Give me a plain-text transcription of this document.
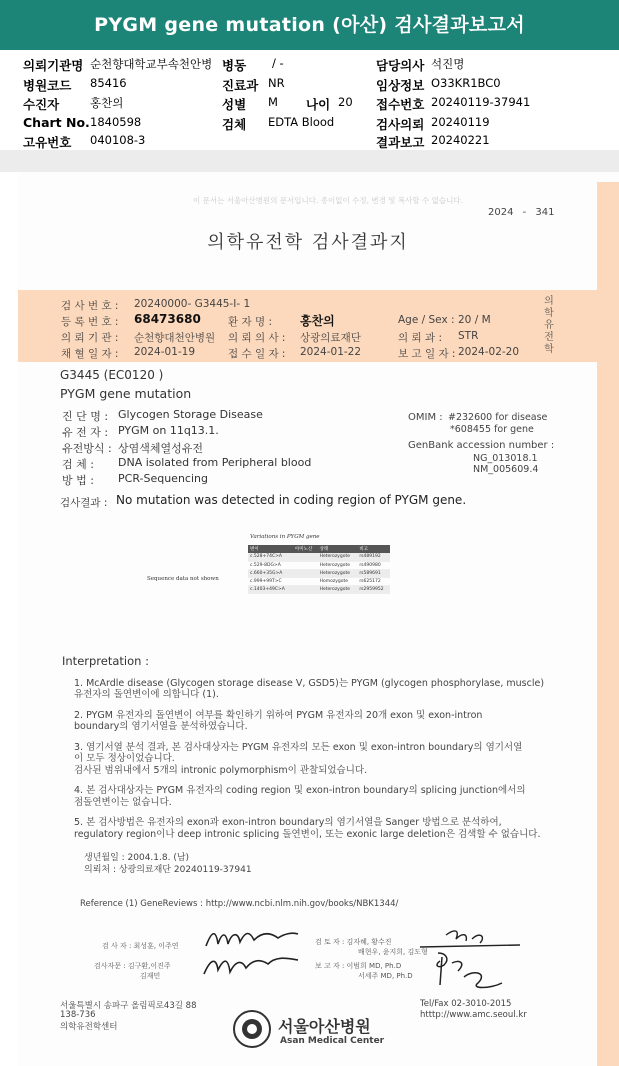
PYGM gene mutation (아산) 검사결과보고서
의뢰기관명 순천향대학교부속천안병 병동 / -	담당의사 석진명
병원코드 85416	진료과 NR	임상정보 O33KR1BC0
수진자	홍찬의	성별 M 나이 20 접수번호 20240119-37941
Chart No. 1840598	검체 EDTA Blood	검사의뢰 20240119
고유번호 040108-3	결과보고 20240221
이 문서는 서울아산병원의 문서입니다. 종이없이 수정, 변경 및 복사할 수 없습니다.
2024 - 341
의학유전학 검사결과지
검 사 번 호 : 20240000- G3445-I- 1
등 록 번 호 : 68473680	환 자 명 : 홍찬의	Age / Sex : 20 / M
의 뢰 기 관 : 순천향대천안병원 의 뢰 의 사 : 상광의료재단	의 뢰 과 : STR
채 혈 일 자 : 2024-01-19	접 수 일 자 : 2024-01-22	보 고 일 자 : 2024-02-20
의학유전학
G3445 (EC0120 )
PYGM gene mutation
진 단 명 : Glycogen Storage Disease
유 전 자 : PYGM on 11q13.1.
유전방식 : 상염색체열성유전
검 체 : DNA isolated from Peripheral blood
방 법 : PCR-Sequencing
OMIM : #232600 for disease
*608455 for gene
GenBank accession number :
NG_013018.1
NM_005609.4
검사결과 : No mutation was detected in coding region of PYGM gene.
Sequence data not shown
Variations in PYGM gene
변이	아미노산	상태	비고
c.528+74C>A		Heterozygote	rs489192
c.529-8DG>A		Heterozygote	rs490980
c.660+35G>A		Heterozygote	rs589691
c.999+99T>C		Homozygote	rs625172
c.1403+49C>A		Heterozygote	rs2959952
Interpretation :
1. McArdle disease (Glycogen storage disease V, GSD5)는 PYGM (glycogen phosphorylase, muscle)
유전자의 돌연변이에 의합니다 (1).
2. PYGM 유전자의 돌연변이 여부를 확인하기 위하여 PYGM 유전자의 20개 exon 및 exon-intron
boundary의 염기서열을 분석하였습니다.
3. 염기서열 분석 결과, 본 검사대상자는 PYGM 유전자의 모든 exon 및 exon-intron boundary의 염기서열
이 모두 정상이었습니다.
검사된 범위내에서 5개의 intronic polymorphism이 관찰되었습니다.
4. 본 검사대상자는 PYGM 유전자의 coding region 및 exon-intron boundary의 splicing junction에서의
점돌연변이는 없습니다.
5. 본 검사방법은 유전자의 exon과 exon-intron boundary의 염기서열을 Sanger 방법으로 분석하여,
regulatory region이나 deep intronic splicing 돌연변이, 또는 exonic large deletion은 검색할 수 없습니다.
생년월일 : 2004.1.8. (남)
의뢰처 : 상광의료재단 20240119-37941
Reference (1) GeneReviews : http://www.ncbi.nlm.nih.gov/books/NBK1344/
검 사 자 : 최성훈, 이주연
검사자문 : 김구환,이진주
김재민
검 토 자 : 김자혜, 황수진
배현우, 윤지희, 김도형
보 고 자 : 이범희 MD, Ph.D
서세주 MD, Ph.D
서울특별시 송파구 올림픽로43길 88
138-736
의학유전학센터	서울아산병원
Asan Medical Center
Tel/Fax 02-3010-2015
htttp://www.amc.seoul.kr
